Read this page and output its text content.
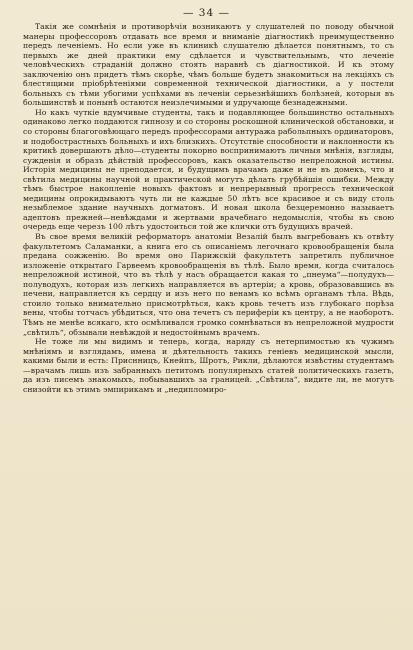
— 34 —

Такія же сомнѣнія и противорѣчія возникаютъ у слушателей по поводу обычной манеры профессоровъ отдавать все время и вниманіе діагностикѣ преимущественно передъ леченіемъ. Но если уже въ клиникѣ слушателю дѣлается понятнымъ, то съ первыхъ же дней практики ему сдѣлается и чувствительнымъ, что леченіе человѣческихъ страданій должно стоять наравнѣ съ діагностикой. И къ этому заключенію онъ придетъ тѣмъ скорѣе, чѣмъ больше будетъ знакомиться на лекціяхъ съ блестящими пріобрѣтеніями современной технической діагностики, а у постели больныхъ съ тѣми убогими успѣхами въ леченіи серьезнѣйшихъ болѣзней, которыя въ большинствѣ и понынѣ остаются неизлечимыми и удручающе безнадежными.

Но какъ чуткіе вдумчивые студенты, такъ и подавляющее большинство остальныхъ одинаково легко поддаются гипнозу и со стороны роскошной клинической обстановки, и со стороны благоговѣющаго передъ профессорами антуража рабольпныхъ ординаторовъ, и подобострастныхъ больныхъ и ихъ близкихъ. Отсутствіе способности и наклонности къ критикѣ довершаютъ дѣло—студенты покорно воспринимаютъ личныя мнѣнія, взгляды, сужденія и образъ дѣйствій профессоровъ, какъ оказательство непреложной истины. Исторія медицины не преподается, и будущимъ врачамъ даже и не въ домекъ, что и свѣтила медицины научной и практической могутъ дѣлать грубѣйшія ошибки. Между тѣмъ быстрое накопленіе новыхъ фактовъ и непрерывный прогрессъ технической медицины опрокидываютъ чуть ли не каждые 50 лѣтъ все красивое и съ виду столь незыблемое здание научныхъ догматовъ. И новая школа безцеремонно называетъ адептовъ прежней—невѣждами и жертвами врачебнаго недомыслія, чтобы въ свою очередь еще черезъ 100 лѣтъ удостоиться той же клички отъ будущихъ врачей.

Въ свое время великій реформаторъ анатоміи Везалій былъ выгребованъ къ отвѣту факультетомъ Саламанки, а книга его съ описаніемъ легочнаго кровообращенія была предана сожженію. Во время оно Парижскій факультетъ запретилъ публичное изложеніе открытаго Гарвеемъ кровообращенія въ тѣлѣ. Было время, когда считалось непреложной истиной, что въ тѣлѣ у насъ обращается какая то „пнеума“—полудухъ—полуводухъ, которая изъ легкихъ направляется въ артеріи; а кровь, образовавшись въ печени, направляется къ сердцу и изъ него по венамъ ко всѣмъ органамъ тѣла. Вѣдь, стоило только внимательно присмотрѣться, какъ кровь течетъ изъ глубокаго порѣза вены, чтобы тотчасъ убѣдиться, что она течетъ съ периферіи къ центру, а не наоборотъ. Тѣмъ не менѣе всякаго, кто осмѣливался громко сомнѣваться въ непреложной мудрости „свѣтилъ“, обзывали невѣждой и недостойнымъ врачемъ.

Не тоже ли мы видимъ и теперь, когда, наряду съ нетерпимостью къ чужимъ мнѣніямъ и взглядамъ, имена и дѣятельность такихъ геніевъ медицинской мысли, какими были и есть: Приснницъ, Кнейпъ, Шротъ, Рикли, дѣлаются извѣстны студентамъ—врачамъ лишь изъ забранныхъ петитомъ популярныхъ статей политическихъ газетъ, да изъ писемъ знакомыхъ, побывавшихъ за границей. „Свѣтила“, видите ли, не могутъ снизойти къ этимъ эмпирикамъ и „недипломиро-
